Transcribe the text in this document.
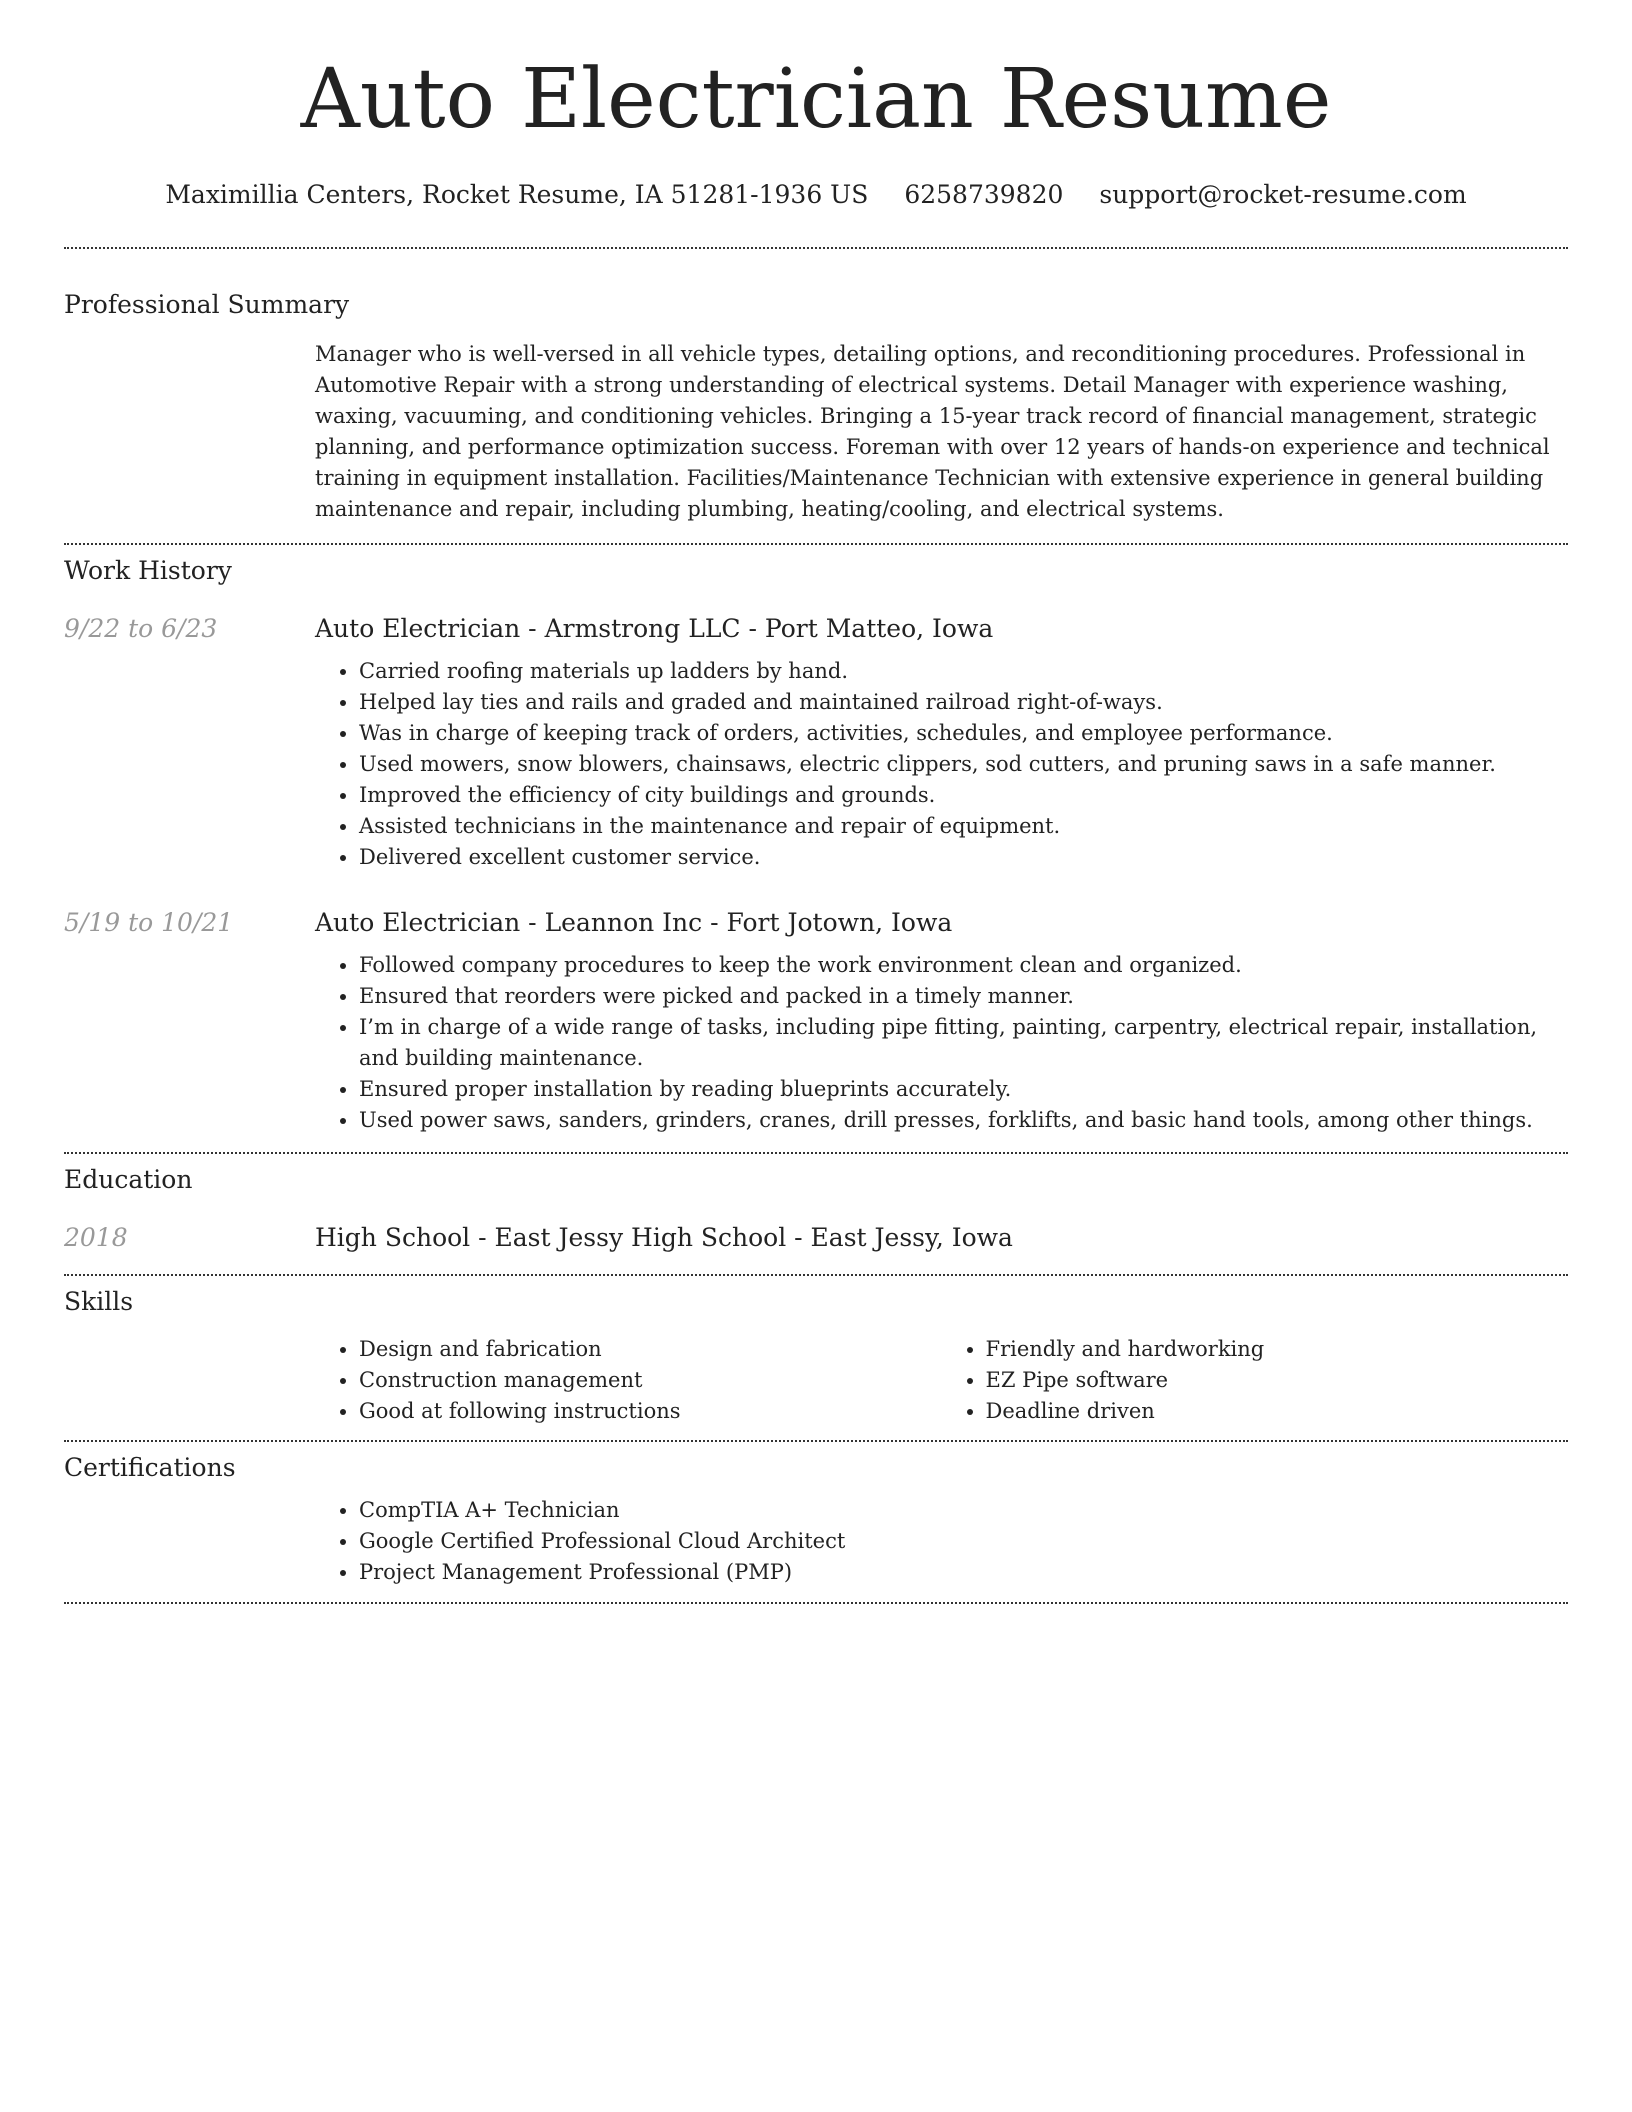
Auto Electrician Resume
Maximillia Centers, Rocket Resume, IA 51281-1936 US 6258739820 support@rocket-resume.com
Professional Summary

Manager who is well-versed in all vehicle types, detailing options, and reconditioning procedures. Professional in Automotive Repair with a strong understanding of electrical systems. Detail Manager with experience washing, waxing, vacuuming, and conditioning vehicles. Bringing a 15-year track record of financial management, strategic planning, and performance optimization success. Foreman with over 12 years of hands-on experience and technical training in equipment installation. Facilities/Maintenance Technician with extensive experience in general building maintenance and repair, including plumbing, heating/cooling, and electrical systems.

Work History
9/22 to 6/23	Auto Electrician - Armstrong LLC - Port Matteo, Iowa

• Carried roofing materials up ladders by hand.
• Helped lay ties and rails and graded and maintained railroad right-of-ways.
• Was in charge of keeping track of orders, activities, schedules, and employee performance.
• Used mowers, snow blowers, chainsaws, electric clippers, sod cutters, and pruning saws in a safe manner.
• Improved the efficiency of city buildings and grounds.
• Assisted technicians in the maintenance and repair of equipment.
• Delivered excellent customer service.
5/19 to 10/21	Auto Electrician - Leannon Inc - Fort Jotown, Iowa

• Followed company procedures to keep the work environment clean and organized.
• Ensured that reorders were picked and packed in a timely manner.
• I’m in charge of a wide range of tasks, including pipe fitting, painting, carpentry, electrical repair, installation, and building maintenance.
• Ensured proper installation by reading blueprints accurately.
• Used power saws, sanders, grinders, cranes, drill presses, forklifts, and basic hand tools, among other things.
Education
2018	High School - East Jessy High School - East Jessy, Iowa

Skills
• Design and fabrication
• Construction management
• Good at following instructions
• Friendly and hardworking
• EZ Pipe software
• Deadline driven
Certifications
• CompTIA A+ Technician
• Google Certified Professional Cloud Architect
• Project Management Professional (PMP)
